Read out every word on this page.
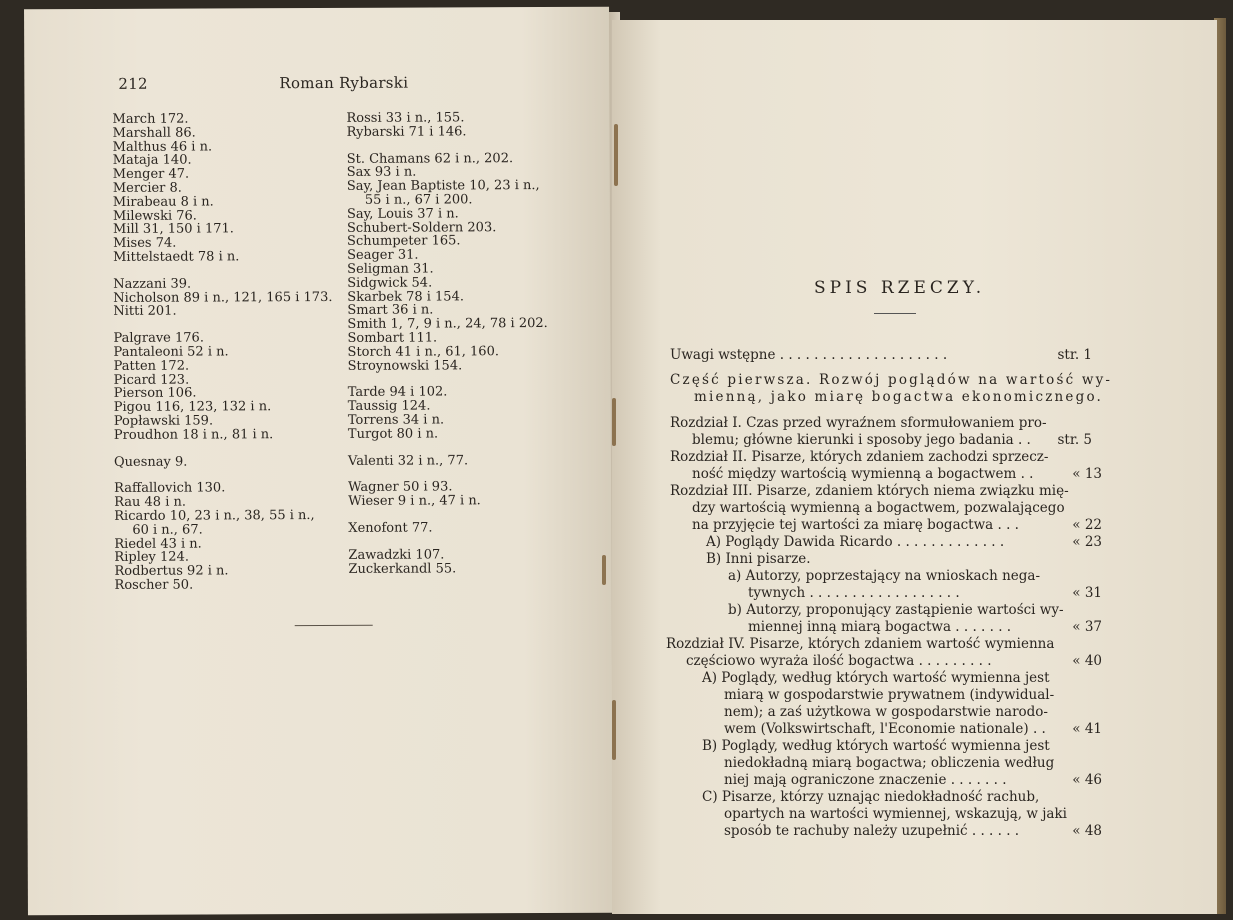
212	Roman Rybarski
March 172.
Marshall 86.
Malthus 46 i n.
Mataja 140.
Menger 47.
Mercier 8.
Mirabeau 8 i n.
Milewski 76.
Mill 31, 150 i 171.
Mises 74.
Mittelstaedt 78 i n.
Nazzani 39.
Nicholson 89 i n., 121, 165 i 173.
Nitti 201.
Palgrave 176.
Pantaleoni 52 i n.
Patten 172.
Picard 123.
Pierson 106.
Pigou 116, 123, 132 i n.
Popławski 159.
Proudhon 18 i n., 81 i n.
Quesnay 9.
Raffallovich 130.
Rau 48 i n.
Ricardo 10, 23 i n., 38, 55 i n.,
60 i n., 67.
Riedel 43 i n.
Ripley 124.
Rodbertus 92 i n.
Roscher 50.
Rossi 33 i n., 155.
Rybarski 71 i 146.
St. Chamans 62 i n., 202.
Sax 93 i n.
Say, Jean Baptiste 10, 23 i n.,
55 i n., 67 i 200.
Say, Louis 37 i n.
Schubert-Soldern 203.
Schumpeter 165.
Seager 31.
Seligman 31.
Sidgwick 54.
Skarbek 78 i 154.
Smart 36 i n.
Smith 1, 7, 9 i n., 24, 78 i 202.
Sombart 111.
Storch 41 i n., 61, 160.
Stroynowski 154.
Tarde 94 i 102.
Taussig 124.
Torrens 34 i n.
Turgot 80 i n.
Valenti 32 i n., 77.
Wagner 50 i 93.
Wieser 9 i n., 47 i n.
Xenofont 77.
Zawadzki 107.
Zuckerkandl 55.
SPIS RZECZY.
Uwagi wstępne . . . . . . . . . . . . . . . . . . . .	str. 1
Część pierwsza. Rozwój poglądów na wartość wy-
mienną, jako miarę bogactwa ekonomicznego.
Rozdział I. Czas przed wyraźnem sformułowaniem pro-
blemu; główne kierunki i sposoby jego badania . . str. 5
Rozdział II. Pisarze, których zdaniem zachodzi sprzecz-
ność między wartością wymienną a bogactwem . .	« 13
Rozdział III. Pisarze, zdaniem których niema związku mię-
dzy wartością wymienną a bogactwem, pozwalającego
na przyjęcie tej wartości za miarę bogactwa . . .	« 22
A) Poglądy Dawida Ricardo . . . . . . . . . . . . .	« 23
B) Inni pisarze.
a) Autorzy, poprzestający na wnioskach nega-
tywnych . . . . . . . . . . . . . . . . . .	« 31
b) Autorzy, proponujący zastąpienie wartości wy-
miennej inną miarą bogactwa . . . . . . .	« 37
Rozdział IV. Pisarze, których zdaniem wartość wymienna
częściowo wyraża ilość bogactwa . . . . . . . . .	« 40
A) Poglądy, według których wartość wymienna jest
miarą w gospodarstwie prywatnem (indywidual-
nem); a zaś użytkowa w gospodarstwie narodo-
wem (Volkswirtschaft, l'Economie nationale) . . « 41
B) Poglądy, według których wartość wymienna jest
niedokładną miarą bogactwa; obliczenia według
niej mają ograniczone znaczenie . . . . . . .	« 46
C) Pisarze, którzy uznając niedokładność rachub,
opartych na wartości wymiennej, wskazują, w jaki
sposób te rachuby należy uzupełnić . . . . . .	« 48
